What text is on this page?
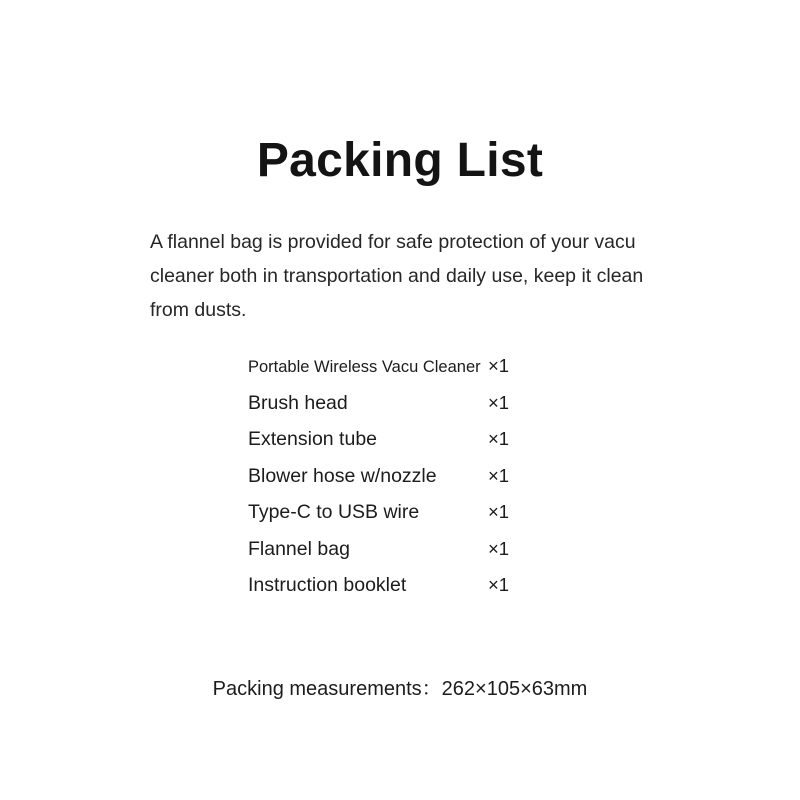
Packing List
A flannel bag is provided for safe protection of your vacu cleaner both in transportation and daily use, keep it clean from dusts.
Portable Wireless Vacu Cleaner ×1
Brush head	×1
Extension tube	×1
Blower hose w/nozzle	×1
Type-C to USB wire	×1
Flannel bag	×1
Instruction booklet	×1
Packing measurements：262×105×63mm
